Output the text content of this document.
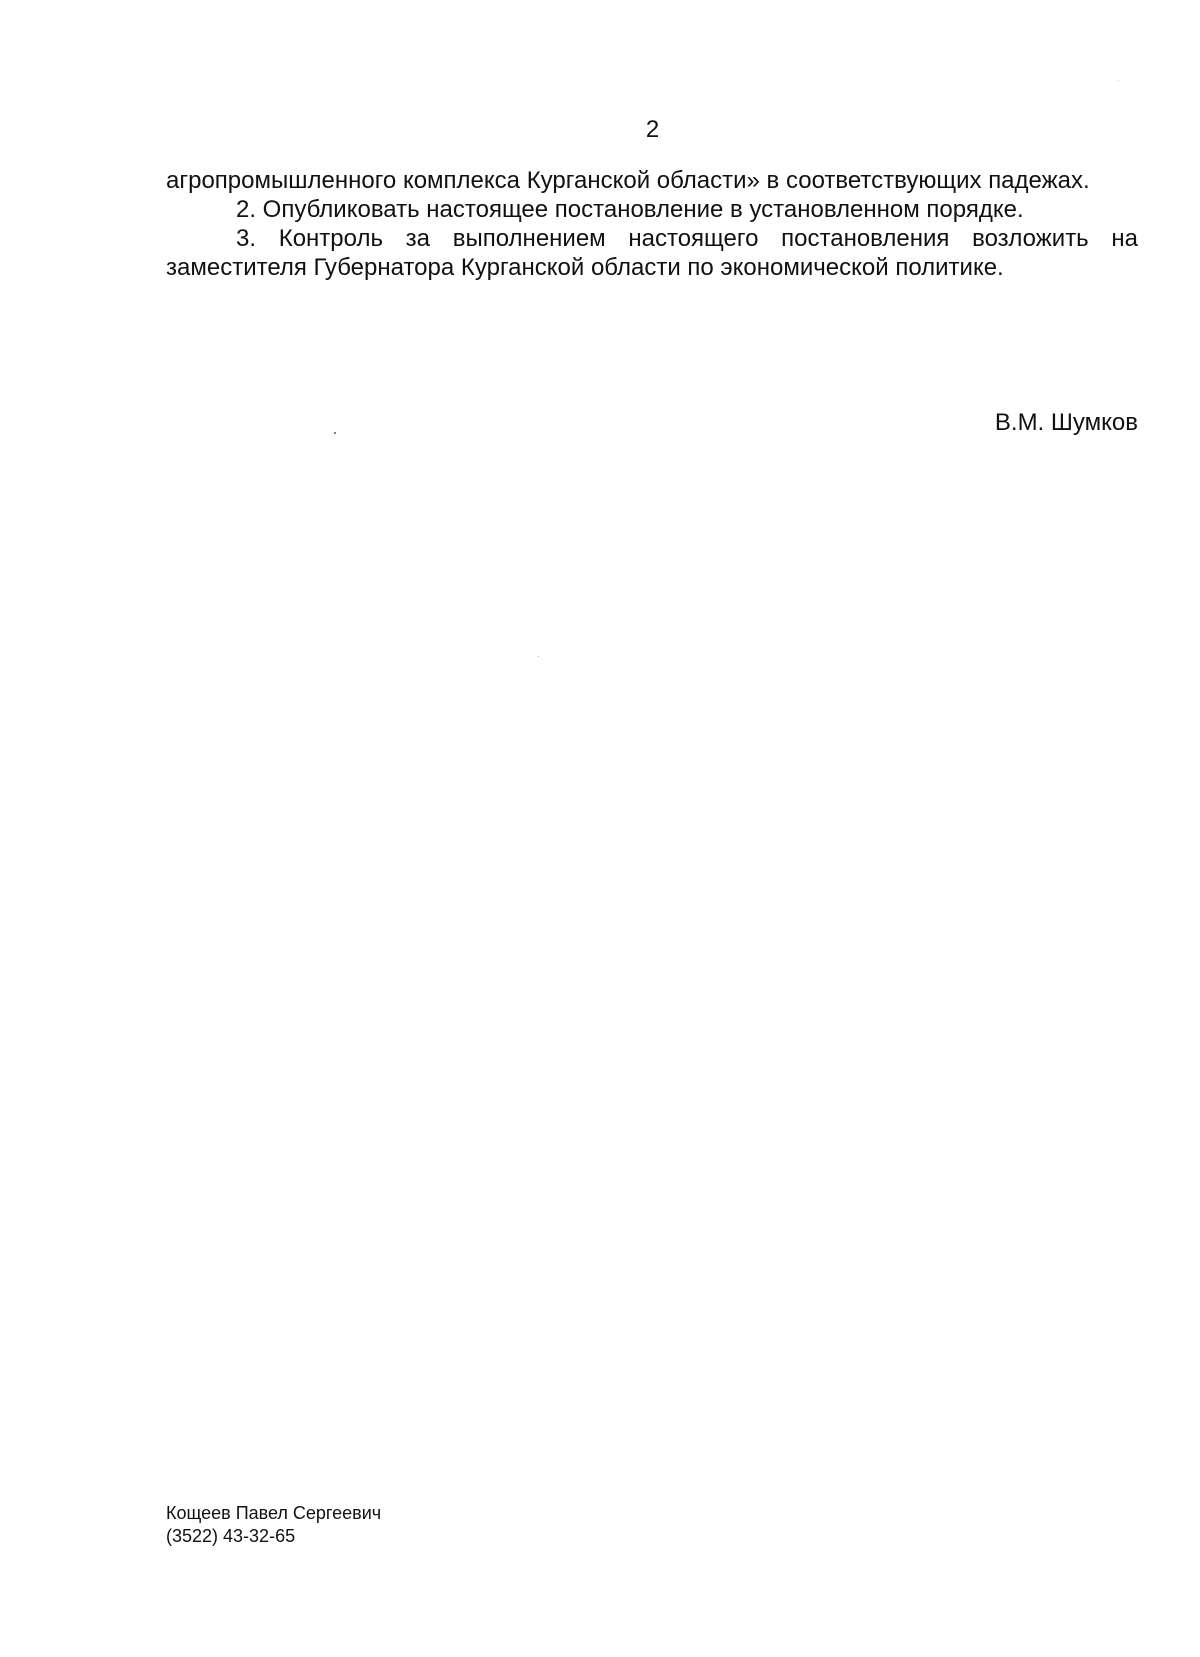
2

агропромышленного комплекса Курганской области» в соответствующих падежах.

2. Опубликовать настоящее постановление в установленном порядке.

3. Контроль за выполнением настоящего постановления возложить на заместителя Губернатора Курганской области по экономической политике.

В.М. Шумков
Кощеев Павел Сергеевич
(3522) 43-32-65
